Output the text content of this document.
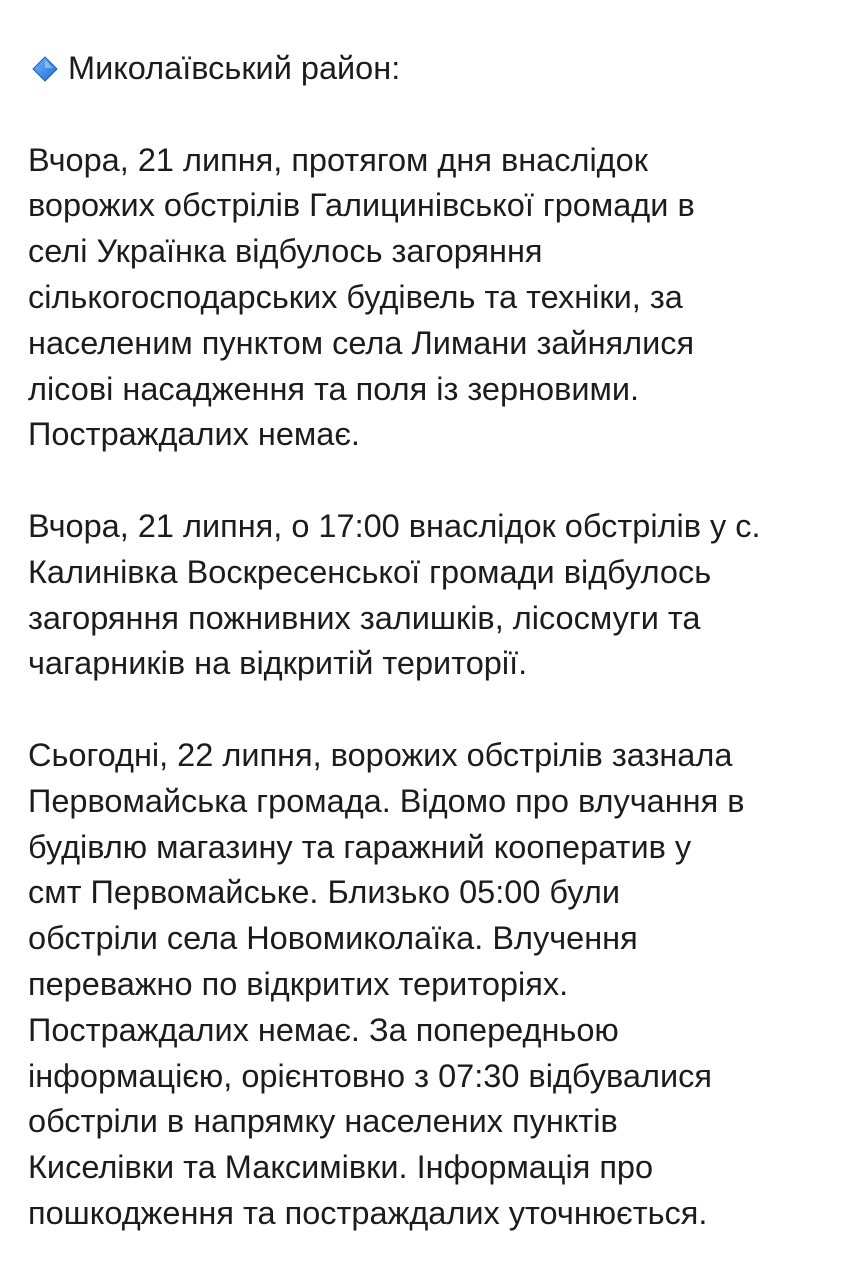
Миколаївський район:
Вчора, 21 липня, протягом дня внаслідок
ворожих обстрілів Галицинівської громади в
селі Українка відбулось загоряння
сількогосподарських будівель та техніки, за
населеним пунктом села Лимани зайнялися
лісові насадження та поля із зерновими.
Постраждалих немає.
Вчора, 21 липня, о 17:00 внаслідок обстрілів у с.
Калинівка Воскресенської громади відбулось
загоряння пожнивних залишків, лісосмуги та
чагарників на відкритій території.
Сьогодні, 22 липня, ворожих обстрілів зазнала
Первомайська громада. Відомо про влучання в
будівлю магазину та гаражний кооператив у
смт Первомайське. Близько 05:00 були
обстріли села Новомиколаїка. Влучення
переважно по відкритих територіях.
Постраждалих немає. За попередньою
інформацією, орієнтовно з 07:30 відбувалися
обстріли в напрямку населених пунктів
Киселівки та Максимівки. Інформація про
пошкодження та постраждалих уточнюється.
